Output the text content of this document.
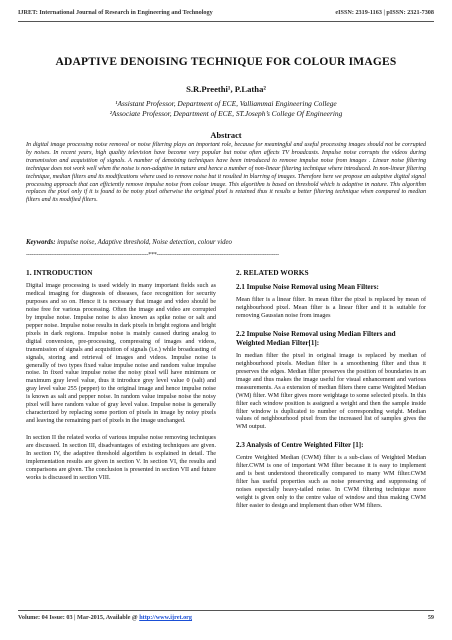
IJRET: International Journal of Research in Engineering and Technology	eISSN: 2319-1163 | pISSN: 2321-7308
ADAPTIVE DENOISING TECHNIQUE FOR COLOUR IMAGES
S.R.Preethi¹, P.Latha²
¹Assistant Professor, Department of ECE, Valliammai Engineering College
²Associate Professor, Department of ECE, ST.Joseph’s College Of Engineering
Abstract
In digital image processing noise removal or noise filtering plays an important role, because for meaningful and useful processing images should not be corrupted by noises. In recent years, high quality television have become very popular but noise often affects TV broadcasts. Impulse noise corrupts the videos during transmission and acquisition of signals. A number of denoising techniques have been introduced to remove impulse noise from images . Linear noise filtering technique does not work well when the noise is non-adaptive in nature and hence a number of non-linear filtering technique where introduced. In non-linear filtering technique, median filters and its modifications where used to remove noise but it resulted in blurring of images. Therefore here we propose an adaptive digital signal processing approach that can efficiently remove impulse noise from colour image. This algorithm is based on threshold which is adaptive in nature. This algorithm replaces the pixel only if it is found to be noisy pixel otherwise the original pixel is retained thus it results a better filtering technique when compared to median filters and its modified filters.
Keywords: impulse noise, Adaptive threshold, Noise detection, colour video
--------------------------------------------------------------------***--------------------------------------------------------------------
1. INTRODUCTION

Digital image processing is used widely in many important fields such as medical imaging for diagnosis of diseases, face recognition for security purposes and so on. Hence it is necessary that image and video should be noise free for various processing. Often the image and video are corrupted by impulse noise. Impulse noise is also known as spike noise or salt and pepper noise. Impulse noise results in dark pixels in bright regions and bright pixels in dark regions. Impulse noise is mainly caused during analog to digital conversion, pre-processing, compressing of images and videos, transmission of signals and acquisition of signals (i.e.) while broadcasting of signals, storing and retrieval of images and videos. Impulse noise is generally of two types fixed value impulse noise and random value impulse noise. In fixed value impulse noise the noisy pixel will have minimum or maximum gray level value, thus it introduce grey level value 0 (salt) and gray level value 255 (pepper) to the original image and hence impulse noise is known as salt and pepper noise. In random value impulse noise the noisy pixel will have random value of gray level value. Impulse noise is generally characterized by replacing some portion of pixels in image by noisy pixels and leaving the remaining part of pixels in the image unchanged.

In section II the related works of various impulse noise removing techniques are discussed. In section III, disadvantages of existing techniques are given. In section IV, the adaptive threshold algorithm is explained in detail. The implementation results are given in section V. In section VI, the results and comparisons are given. The conclusion is presented in section VII and future works is discussed in section VIII.

2. RELATED WORKS
2.1 Impulse Noise Removal using Mean Filters:

Mean filter is a linear filter. In mean filter the pixel is replaced by mean of neighbourhood pixel. Mean filter is a linear filter and it is suitable for removing Gaussian noise from images

2.2 Impulse Noise Removal using Median Filters and Weighted Median Filter[1]:

In median filter the pixel in original image is replaced by median of neighbourhood pixels. Median filter is a smoothening filter and thus it preserves the edges. Median filter preserves the position of boundaries in an image and thus makes the image useful for visual enhancement and various measurements. As a extension of median filters there came Weighted Median (WM) filter. WM filter gives more weightage to some selected pixels. In this filter each window position is assigned a weight and then the sample inside filter window is duplicated to number of corresponding weight. Median values of neighbourhood pixel from the increased list of samples gives the WM output.

2.3 Analysis of Centre Weighted Filter [1]:

Centre Weighted Median (CWM) filter is a sub-class of Weighted Median filter.CWM is one of important WM filter because it is easy to implement and is best understood theoretically compared to many WM filter.CWM filter has useful properties such as noise preserving and suppressing of noises especially heavy-tailed noise. In CWM filtering technique more weight is given only to the centre value of window and thus making CWM filter easier to design and implement than other WM filters.

Volume: 04 Issue: 03 | Mar-2015, Available @ http://www.ijret.org	59
